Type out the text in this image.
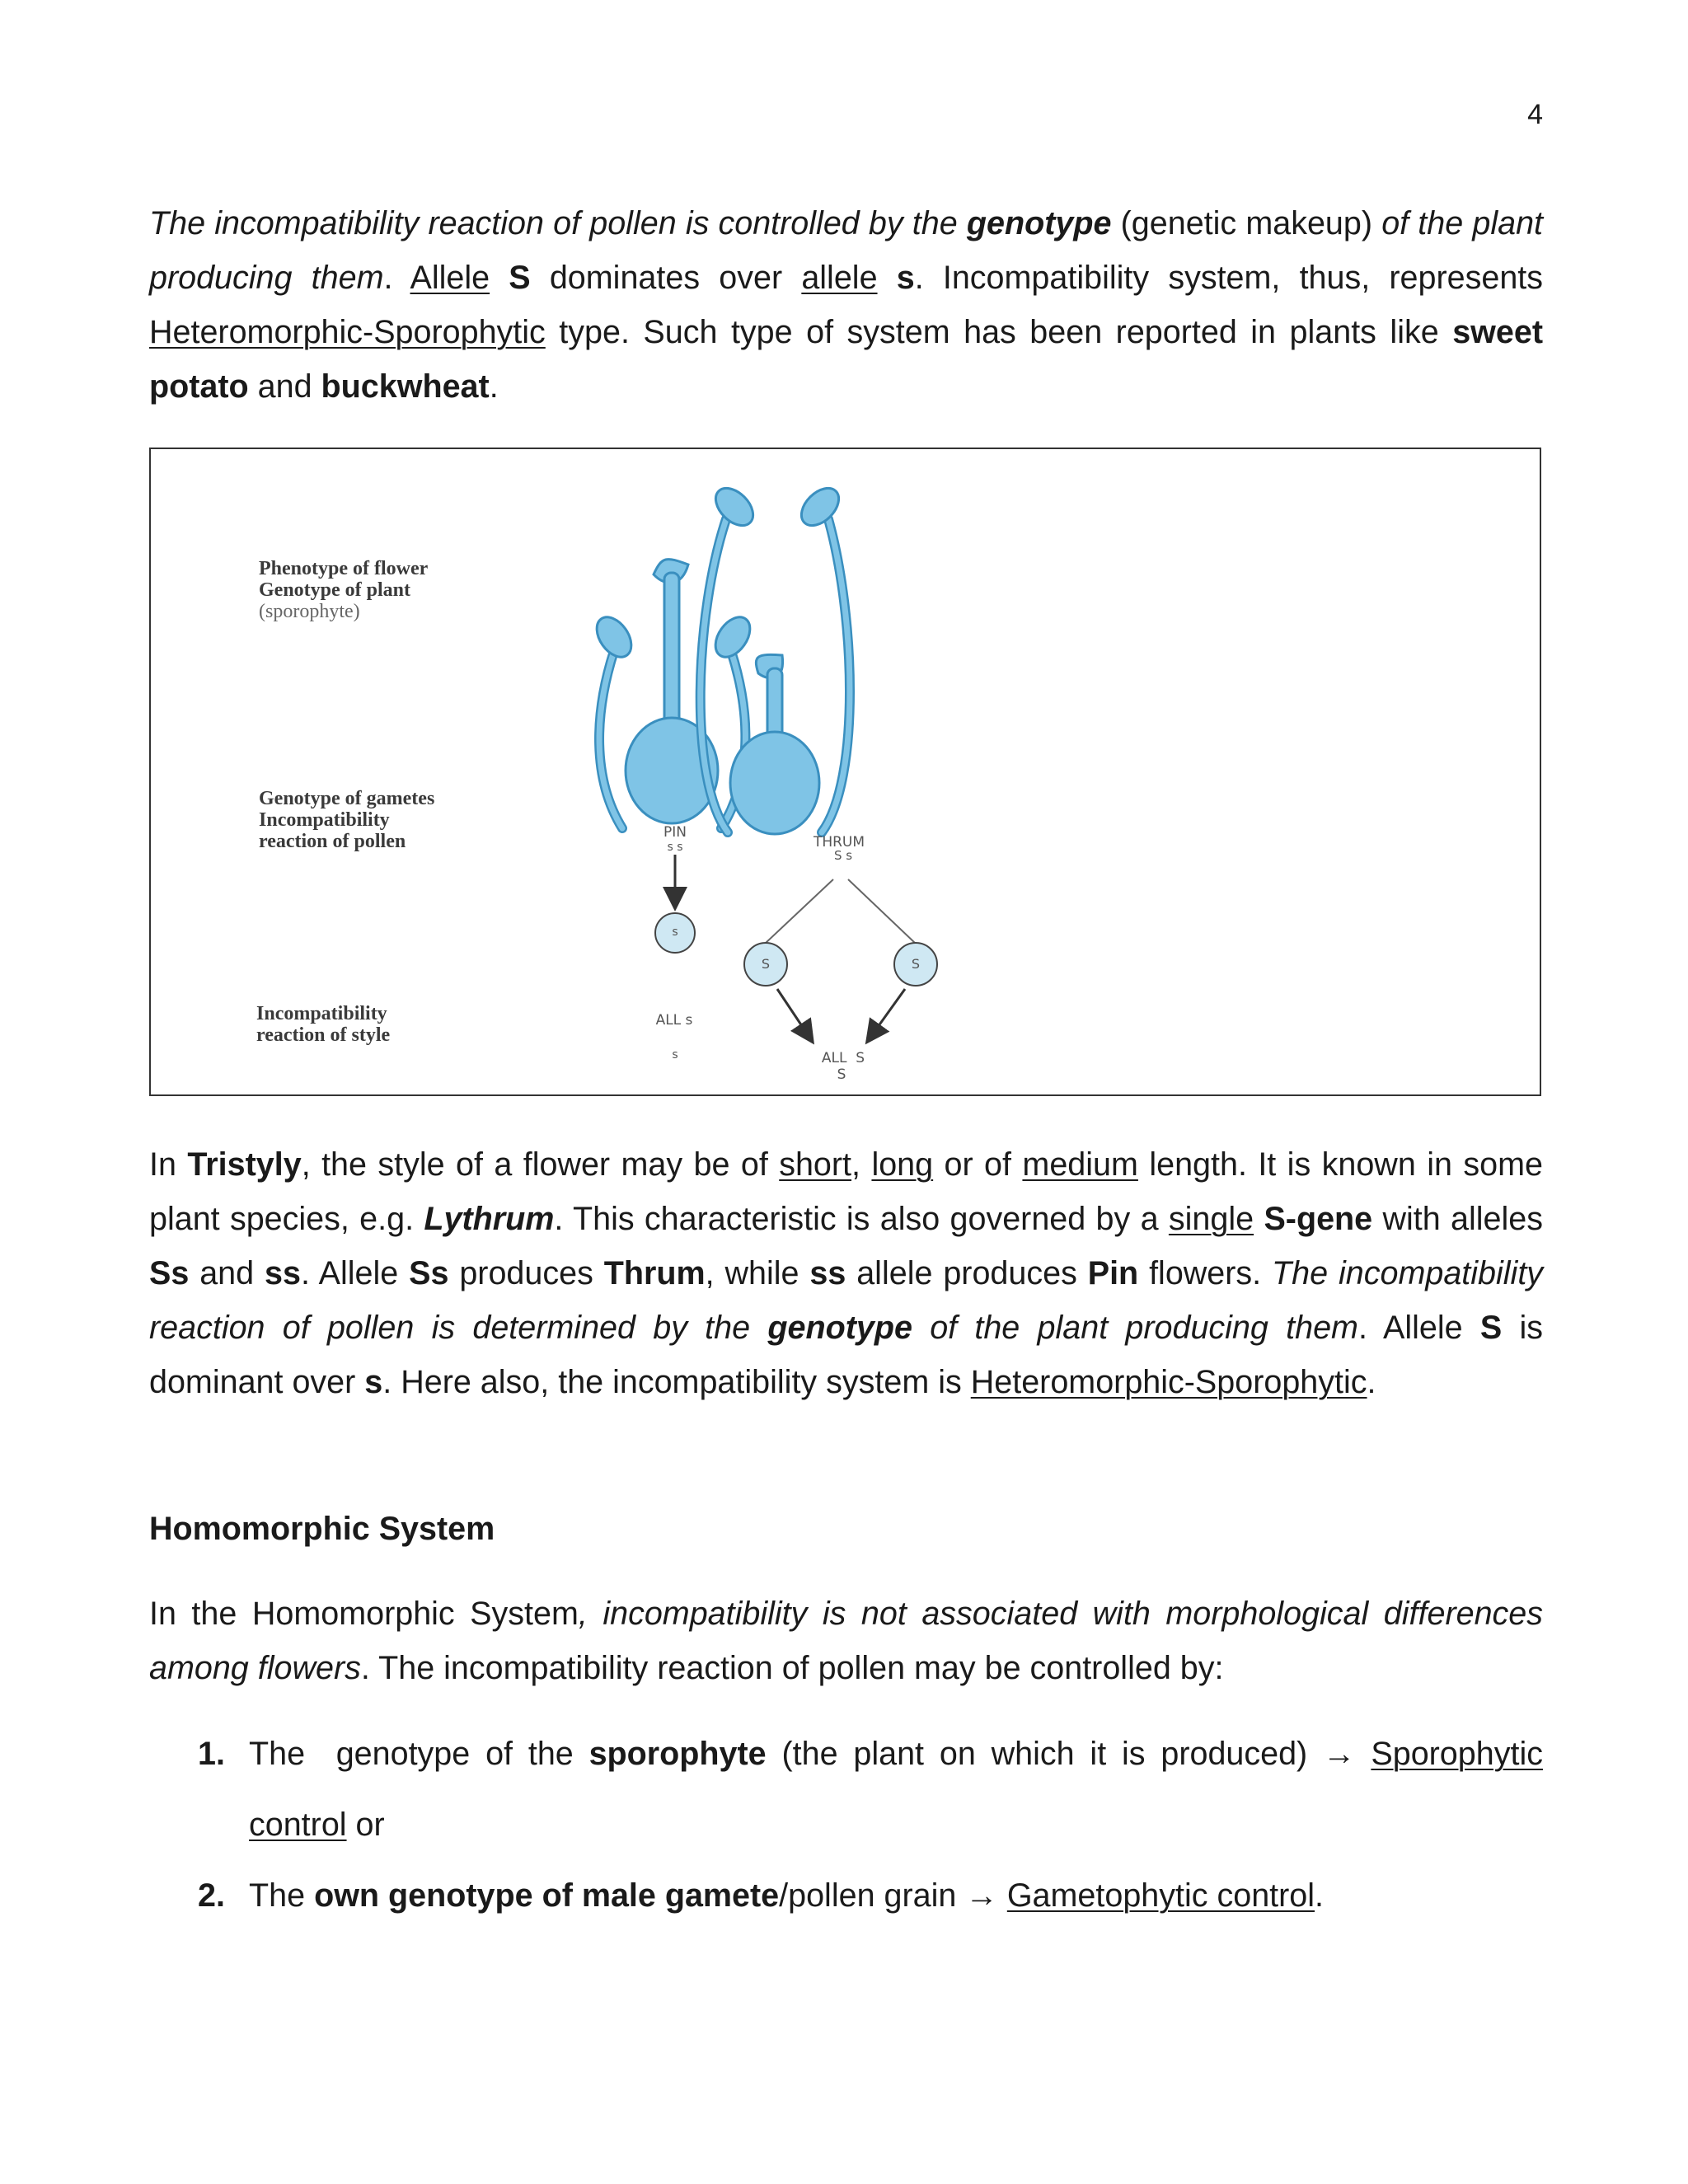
4
The incompatibility reaction of pollen is controlled by the genotype (genetic makeup) of the plant producing them. Allele S dominates over allele s. Incompatibility system, thus, represents Heteromorphic-Sporophytic type. Such type of system has been reported in plants like sweet potato and buckwheat.
Phenotype of flower
Genotype of plant
(sporophyte)
Genotype of gametes
Incompatibility
reaction of pollen
Incompatibility
reaction of style
PIN
s s
s
ALL s
s
THRUM
S s
S	S
ALL  S
S
In Tristyly, the style of a flower may be of short, long or of medium length. It is known in some plant species, e.g. Lythrum. This characteristic is also governed by a single S-gene with alleles Ss and ss. Allele Ss produces Thrum, while ss allele produces Pin flowers. The incompatibility reaction of pollen is determined by the genotype of the plant producing them. Allele S is dominant over s. Here also, the incompatibility system is Heteromorphic-Sporophytic.
Homomorphic System
In the Homomorphic System, incompatibility is not associated with morphological differences among flowers. The incompatibility reaction of pollen may be controlled by:
1. The  genotype of the sporophyte (the plant on which it is produced) → Sporophytic control or
2. The own genotype of male gamete/pollen grain → Gametophytic control.
